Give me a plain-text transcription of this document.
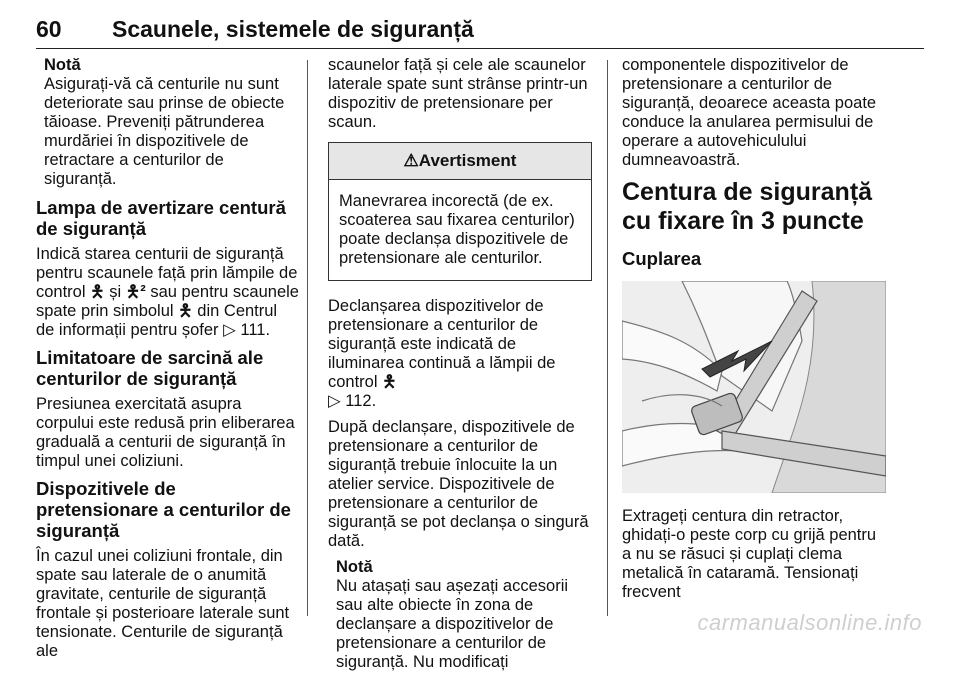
60 Scaunele, sistemele de siguranță
Notă
Asigurați-vă că centurile nu sunt deteriorate sau prinse de obiecte tăioase. Preveniți pătrunderea murdăriei în dispozitivele de retractare a centurilor de siguranță.
Lampa de avertizare centură de siguranță

Indică starea centurii de siguranță pentru scaunele față prin lămpile de control 🯅 și 🯅² sau pentru scaunele spate prin simbolul 🯅 din Centrul de informații pentru șofer ▷ 111.

Limitatoare de sarcină ale centurilor de siguranță

Presiunea exercitată asupra corpului este redusă prin eliberarea graduală a centurii de siguranță în timpul unei coliziuni.

Dispozitivele de pretensionare a centurilor de siguranță

În cazul unei coliziuni frontale, din spate sau laterale de o anumită gravitate, centurile de siguranță frontale și posterioare laterale sunt tensionate. Centurile de siguranță ale

scaunelor față și cele ale scaunelor laterale spate sunt strânse printr-un dispozitiv de pretensionare per scaun.

⚠Avertisment
Manevrarea incorectă (de ex. scoaterea sau fixarea centurilor) poate declanșa dispozitivele de pretensionare ale centurilor.

Declanșarea dispozitivelor de pretensionare a centurilor de siguranță este indicată de iluminarea continuă a lămpii de control 🯅
▷ 112.

După declanșare, dispozitivele de pretensionare a centurilor de siguranță trebuie înlocuite la un atelier service. Dispozitivele de pretensionare a centurilor de siguranță se pot declanșa o singură dată.

Notă
Nu atașați sau așezați accesorii sau alte obiecte în zona de declanșare a dispozitivelor de pretensionare a centurilor de siguranță. Nu modificați

componentele dispozitivelor de pretensionare a centurilor de siguranță, deoarece aceasta poate conduce la anularea permisului de operare a autovehiculului dumneavoastră.

Centura de siguranță cu fixare în 3 puncte
Cuplarea

Extrageți centura din retractor, ghidați-o peste corp cu grijă pentru a nu se răsuci și cuplați clema metalică în cataramă. Tensionați frecvent

carmanualsonline.info
